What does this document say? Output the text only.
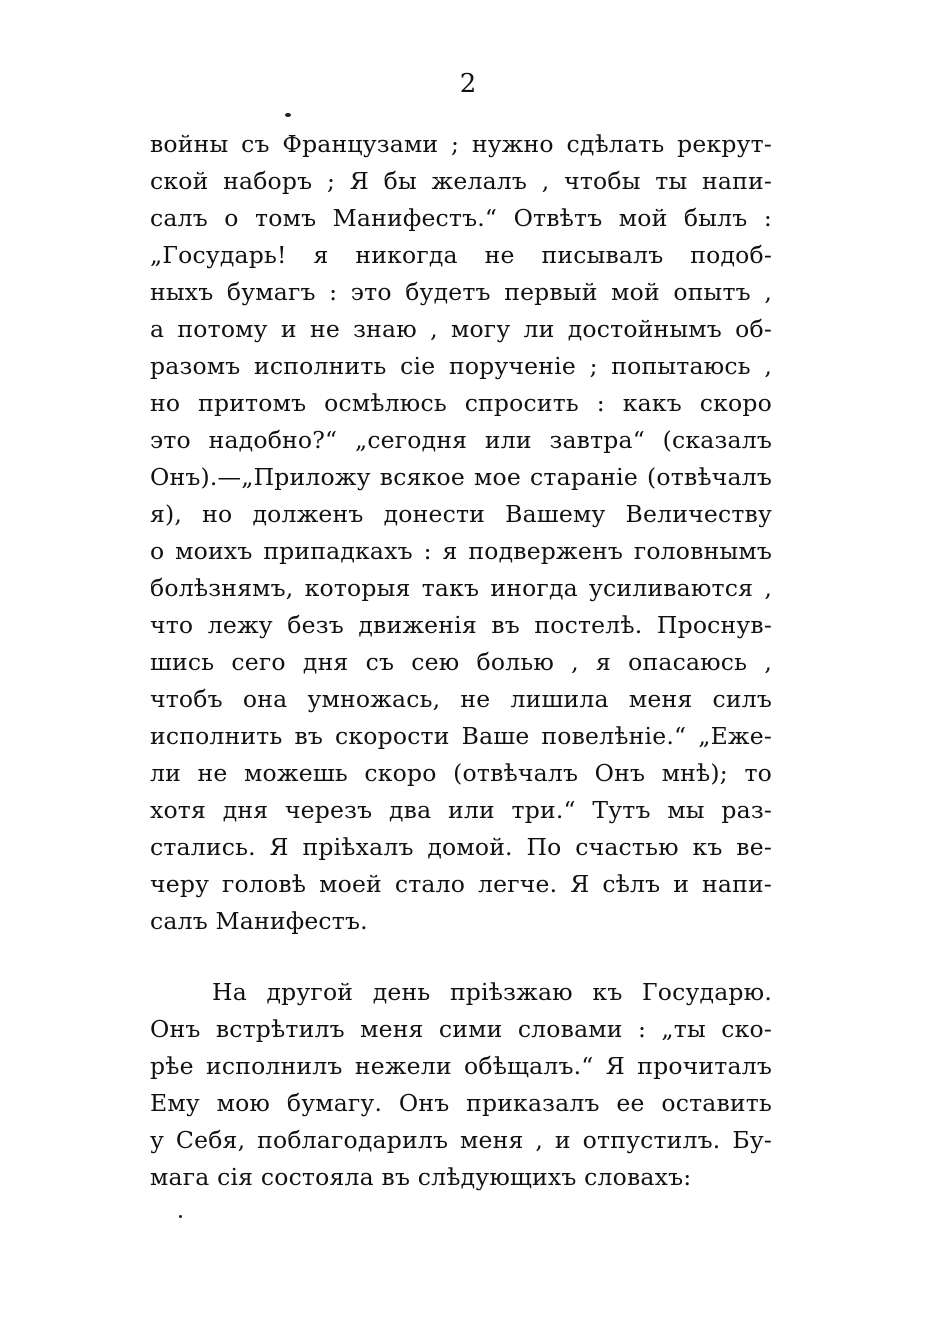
2
войны съ Французами ; нужно сдѣлать рекрут-
ской наборъ ; Я бы желалъ , чтобы ты напи-
салъ о томъ Манифестъ.“ Отвѣтъ мой былъ :
„Государь! я никогда не писывалъ подоб-
ныхъ бумагъ : это будетъ первый мой опытъ ,
а потому и не знаю , могу ли достойнымъ об-
разомъ исполнить сіе порученіе ; попытаюсь ,
но притомъ осмѣлюсь спросить : какъ скоро
это надобно?“ „сегодня или завтра“ (сказалъ
Онъ).—„Приложу всякое мое стараніе (отвѣчалъ
я), но долженъ донести Вашему Величеству
о моихъ припадкахъ : я подверженъ головнымъ
болѣзнямъ, которыя такъ иногда усиливаются ,
что лежу безъ движенія въ постелѣ. Проснув-
шись сего дня съ сею болью , я опасаюсь ,
чтобъ она умножась, не лишила меня силъ
исполнить въ скорости Ваше повелѣніе.“ „Еже-
ли не можешь скоро (отвѣчалъ Онъ мнѣ); то
хотя дня черезъ два или три.“ Тутъ мы раз-
стались. Я пріѣхалъ домой. По счастью къ ве-
черу головѣ моей стало легче. Я сѣлъ и напи-
салъ Манифестъ.
На другой день пріѣзжаю къ Государю.
Онъ встрѣтилъ меня сими словами : „ты ско-
рѣе исполнилъ нежели обѣщалъ.“ Я прочиталъ
Ему мою бумагу. Онъ приказалъ ее оставить
у Себя, поблагодарилъ меня , и отпустилъ. Бу-
мага сія состояла въ слѣдующихъ словахъ:
